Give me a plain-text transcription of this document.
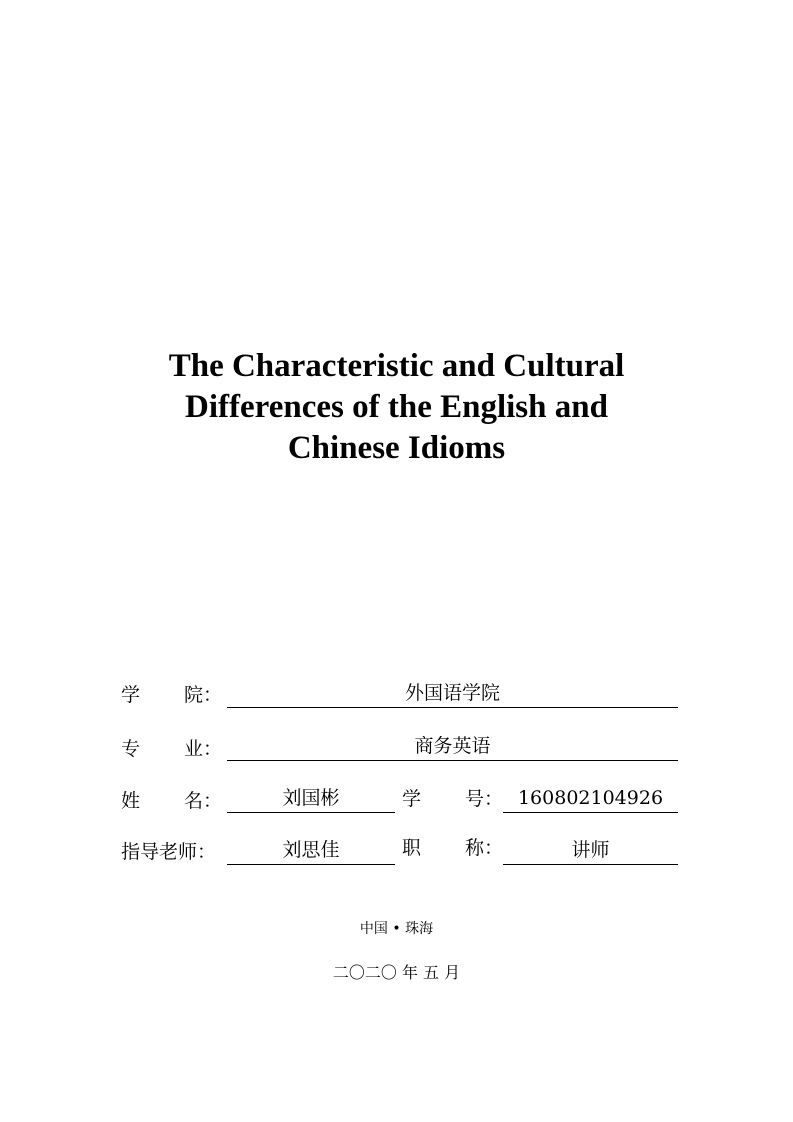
The Characteristic and Cultural
Differences of the English and
Chinese Idioms
学 院：	外国语学院
专 业：	商务英语
姓 名：	刘国彬	学 号： 160802104926
指导老师：	刘思佳	职 称：	讲师
中国 • 珠海
二〇二〇 年 五 月
